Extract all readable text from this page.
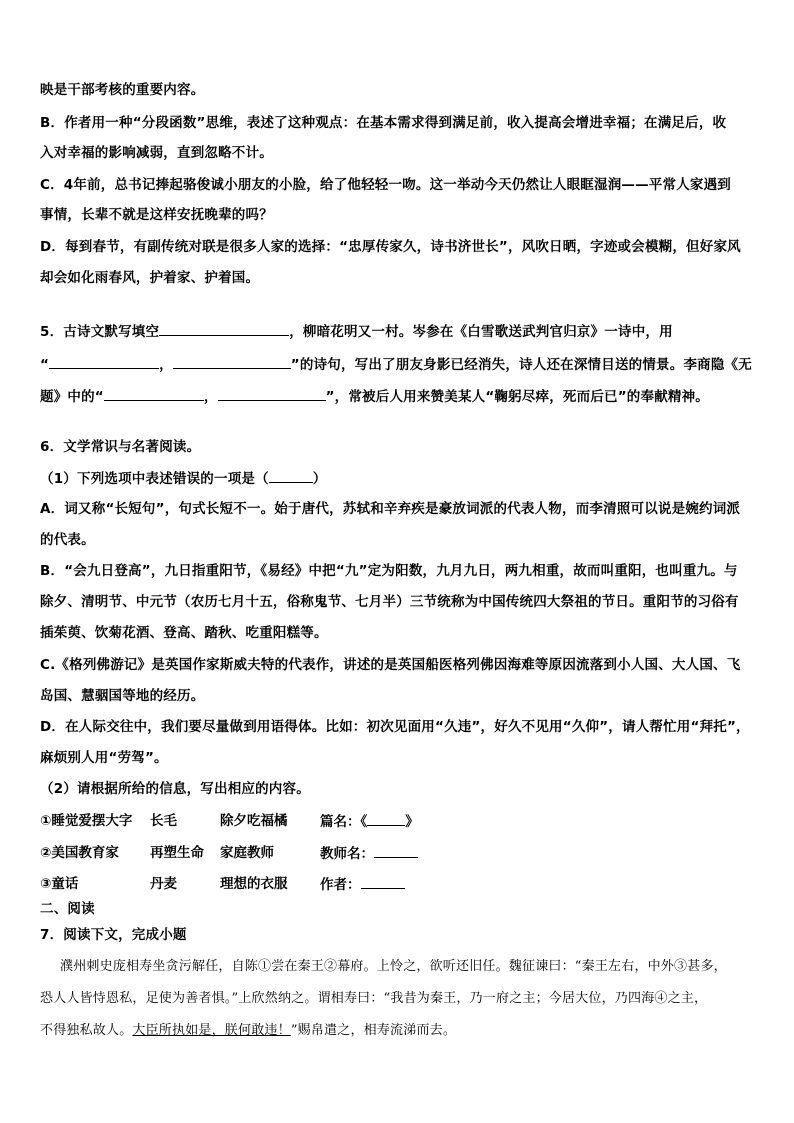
映是干部考核的重要内容。
B．作者用一种“分段函数”思维，表述了这种观点：在基本需求得到满足前，收入提高会增进幸福；在满足后，收
入对幸福的影响减弱，直到忽略不计。
C．4年前，总书记捧起骆俊诚小朋友的小脸，给了他轻轻一吻。这一举动今天仍然让人眼眶湿润——平常人家遇到
事情，长辈不就是这样安抚晚辈的吗？
D．每到春节，有副传统对联是很多人家的选择：“忠厚传家久，诗书济世长”，风吹日晒，字迹或会模糊，但好家风
却会如化雨春风，护着家、护着国。
5．古诗文默写填空	，柳暗花明又一村。岑参在《白雪歌送武判官归京》一诗中，用
“	，	”的诗句，写出了朋友身影已经消失，诗人还在深情目送的情景。李商隐《无
题》中的“	，	”，常被后人用来赞美某人“鞠躬尽瘁，死而后已”的奉献精神。
6．文学常识与名著阅读。
（1）下列选项中表述错误的一项是（	）
A．词又称“长短句”，句式长短不一。始于唐代，苏轼和辛弃疾是豪放词派的代表人物，而李清照可以说是婉约词派
的代表。
B．“会九日登高”，九日指重阳节，《易经》中把“九”定为阳数，九月九日，两九相重，故而叫重阳，也叫重九。与
除夕、清明节、中元节（农历七月十五，俗称鬼节、七月半）三节统称为中国传统四大祭祖的节日。重阳节的习俗有
插茱萸、饮菊花酒、登高、踏秋、吃重阳糕等。
C.《格列佛游记》是英国作家斯威夫特的代表作，讲述的是英国船医格列佛因海难等原因流落到小人国、大人国、飞
岛国、慧骃国等地的经历。
D．在人际交往中，我们要尽量做到用语得体。比如：初次见面用“久违”，好久不见用“久仰”，请人帮忙用“拜托”，
麻烦别人用“劳驾”。
（2）请根据所给的信息，写出相应的内容。
①睡觉爱摆大字 长毛	除夕吃福橘 篇名：《	》
②美国教育家 再塑生命 家庭教师	教师名：
③童话	丹麦	理想的衣服 作者：
二、阅读
7．阅读下文，完成小题
濮州刺史庞相寿坐贪污解任，自陈①尝在秦王②幕府。上怜之，欲听还旧任。魏征谏曰：“秦王左右，中外③甚多，
恐人人皆恃恩私，足使为善者惧。”上欣然纳之。谓相寿曰：“我昔为秦王，乃一府之主；今居大位，乃四海④之主，
不得独私故人。大臣所执如是，朕何敢违！”赐帛遣之，相寿流涕而去。
